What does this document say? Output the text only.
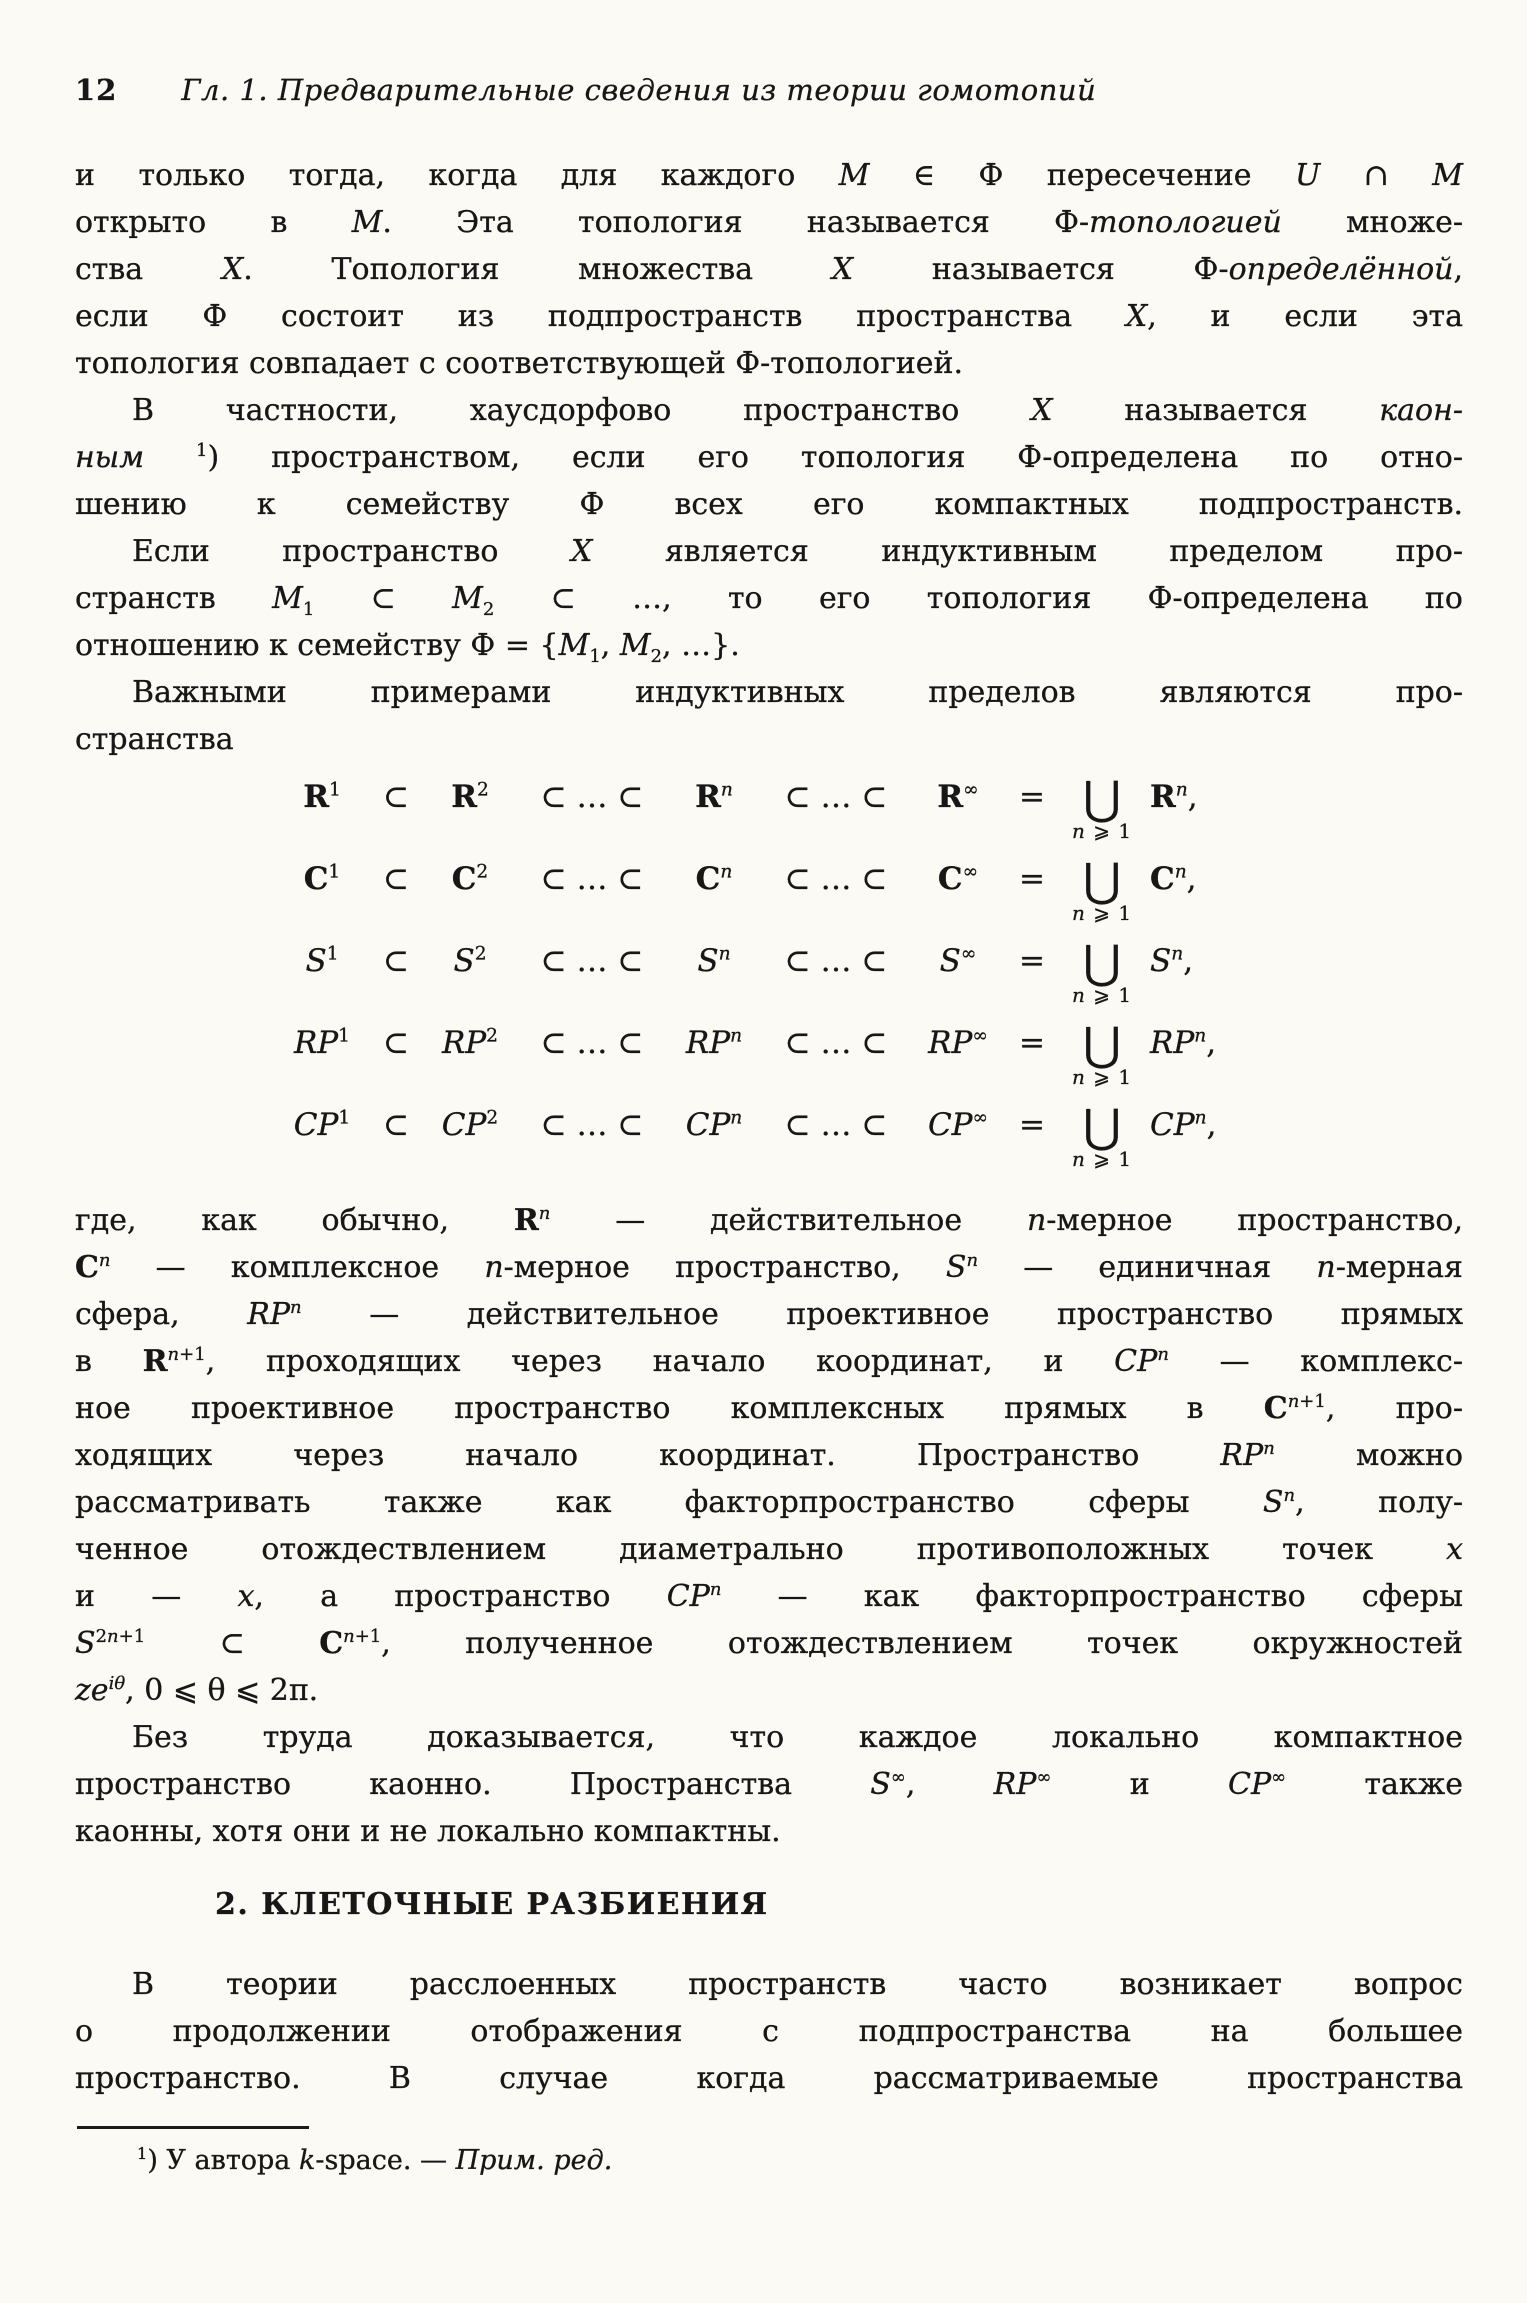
12 Гл. 1. Предварительные сведения из теории гомотопий
и только тогда, когда для каждого M ∈ Ф пересечение U ∩ M
открыто в M. Эта топология называется Ф-топологией множе-
ства X. Топология множества X называется Ф-определённой,
если Ф состоит из подпространств пространства X, и если эта
топология совпадает с соответствующей Ф-топологией.
В частности, хаусдорфово пространство X называется каон-
ным	$^1$) пространством, если его топология Ф-определена по отно-
шению к семейству Ф всех его компактных подпространств.
Если пространство X является индуктивным пределом про-
странств $M_1$ ⊂ $M_2$ ⊂ …, то его топология Ф-определена по
отношению к семейству $Ф = \{M_1$, $M_2$, …}.
Важными примерами индуктивных пределов являются про-
странства
$R^1$	⊂	$R^2$	⊂ … ⊂	$R^n$	⊂ … ⊂	R∞	= ⋃
n ⩾ 1
$R^n$,
$C^1$	⊂	$C^2$	⊂ … ⊂	$C^n$	⊂ … ⊂	C∞	= ⋃
n ⩾ 1
$C^n$,
$S^1$	⊂	$S^2$	⊂ … ⊂	$S^n$	⊂ … ⊂	S∞	= ⋃
n ⩾ 1
$S^n$,
$RP^1$	⊂	$RP^2$	⊂ … ⊂	$RP^n$	⊂ … ⊂	RP∞	= ⋃
n ⩾ 1
$RP^n$,
$CP^1$	⊂	$CP^2$	⊂ … ⊂	$CP^n$	⊂ … ⊂	CP∞ = ⋃
n ⩾ 1
$CP^n$,
где, как обычно, $R^n$ — действительное n-мерное пространство,
$C^n$ — комплексное n-мерное пространство, $S^n$ — единичная n-мерная
сфера, $RP^n$ — действительное проективное пространство прямых
в $R^{n+1}$, проходящих через начало координат, и $CP^n$ — комплекс-
ное проективное пространство комплексных прямых в $C^{n+1}$, про-
ходящих через начало координат. Пространство $RP^n$ можно
рассматривать также как факторпространство сферы $S^n$, полу-
ченное отождествлением диаметрально противоположных точек x
и — x, а пространство $CP^n$ — как факторпространство сферы
$S^{2n+1}$ ⊂ $C^{n+1}$, полученное отождествлением точек окружностей
$ze^{i\theta}$, 0 ⩽ θ ⩽ 2π.
Без труда доказывается, что каждое локально компактное
пространство каонно. Пространства S∞, RP∞ и CP∞ также
каонны, хотя они и не локально компактны.
2. КЛЕТОЧНЫЕ РАЗБИЕНИЯ
В теории расслоенных пространств часто возникает вопрос
о продолжении отображения с подпространства на большее
пространство. В случае когда рассматриваемые пространства
$^1$) У автора k-space. — Прим. ред.
